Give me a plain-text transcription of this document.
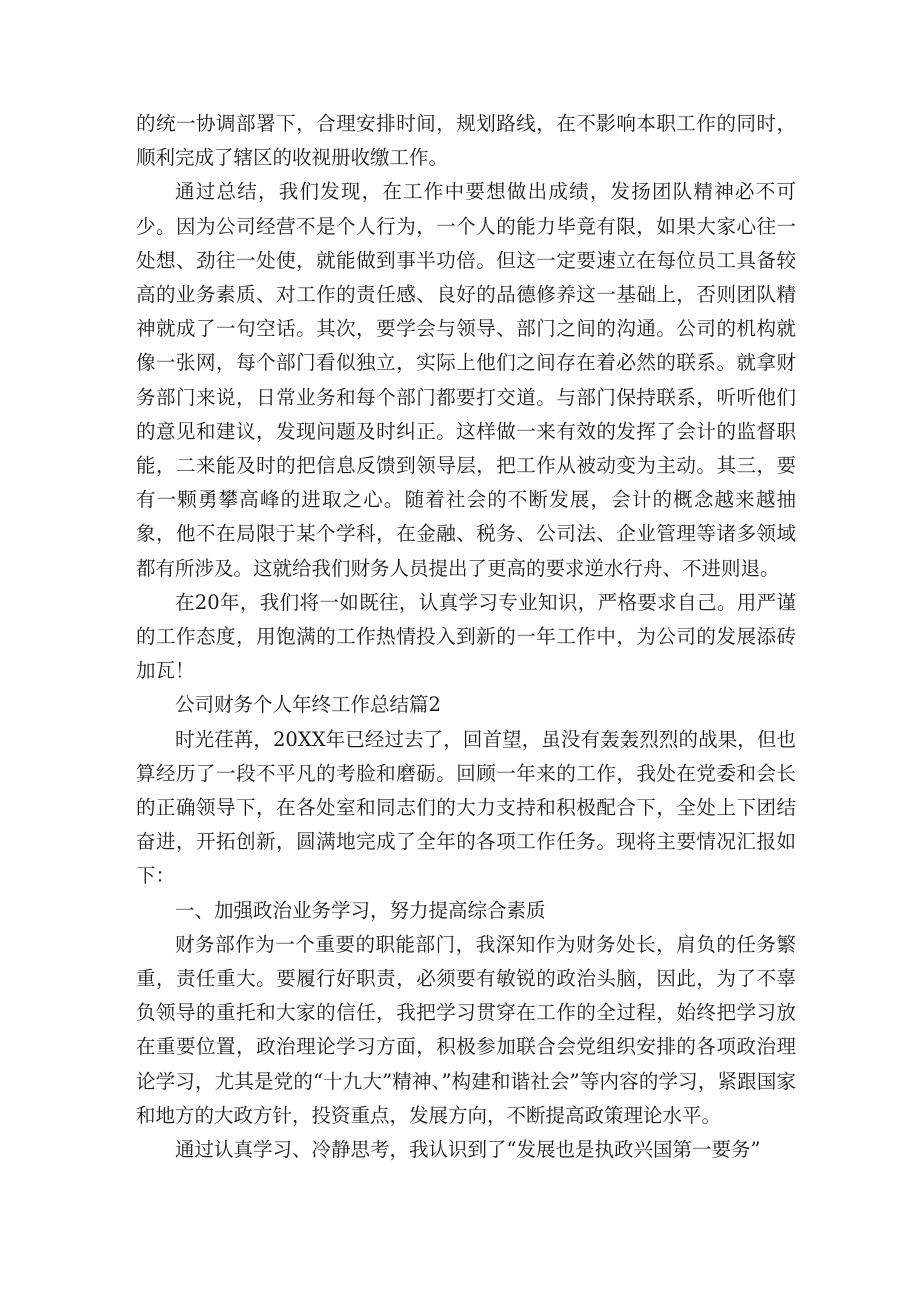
的统一协调部署下，合理安排时间，规划路线，在不影响本职工作的同时，顺利完成了辖区的收视册收缴工作。

通过总结，我们发现，在工作中要想做出成绩，发扬团队精神必不可少。因为公司经营不是个人行为，一个人的能力毕竟有限，如果大家心往一处想、劲往一处使，就能做到事半功倍。但这一定要速立在每位员工具备较高的业务素质、对工作的责任感、良好的品德修养这一基础上，否则团队精神就成了一句空话。其次，要学会与领导、部门之间的沟通。公司的机构就像一张网，每个部门看似独立，实际上他们之间存在着必然的联系。就拿财务部门来说，日常业务和每个部门都要打交道。与部门保持联系，听听他们的意见和建议，发现问题及时纠正。这样做一来有效的发挥了会计的监督职能，二来能及时的把信息反馈到领导层，把工作从被动变为主动。其三，要有一颗勇攀高峰的进取之心。随着社会的不断发展，会计的概念越来越抽象，他不在局限于某个学科，在金融、税务、公司法、企业管理等诸多领域都有所涉及。这就给我们财务人员提出了更高的要求逆水行舟、不进则退。

在20年，我们将一如既往，认真学习专业知识，严格要求自己。用严谨的工作态度，用饱满的工作热情投入到新的一年工作中，为公司的发展添砖加瓦！

公司财务个人年终工作总结篇2

时光荏苒，20XX年已经过去了，回首望，虽没有轰轰烈烈的战果，但也算经历了一段不平凡的考脸和磨砺。回顾一年来的工作，我处在党委和会长的正确领导下，在各处室和同志们的大力支持和积极配合下，全处上下团结奋进，开拓创新，圆满地完成了全年的各项工作任务。现将主要情况汇报如下：

一、加强政治业务学习，努力提高综合素质

财务部作为一个重要的职能部门，我深知作为财务处长，肩负的任务繁重，责任重大。要履行好职责，必须要有敏锐的政治头脑，因此，为了不辜负领导的重托和大家的信任，我把学习贯穿在工作的全过程，始终把学习放在重要位置，政治理论学习方面，积极参加联合会党组织安排的各项政治理论学习，尤其是党的“十九大”精神、”构建和谐社会”等内容的学习，紧跟国家和地方的大政方针，投资重点，发展方向，不断提高政策理论水平。

通过认真学习、冷静思考，我认识到了“发展也是执政兴国第一要务”
